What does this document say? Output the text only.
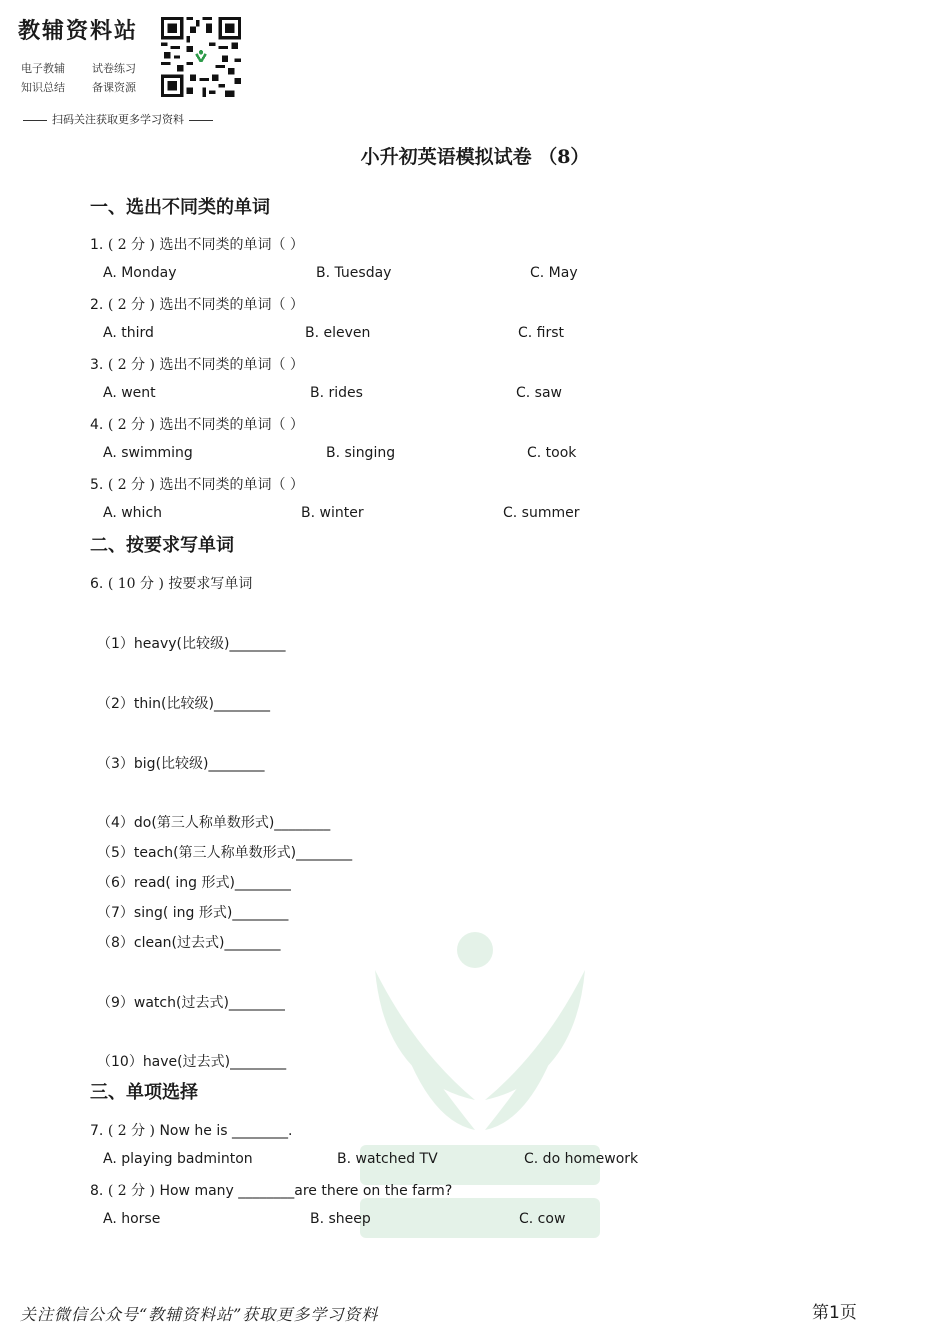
教辅资料站
电子教辅 试卷练习
知识总结 备课资源
扫码关注获取更多学习资料
小升初英语模拟试卷 （8）
一、选出不同类的单词
1. ( 2 分 ) 选出不同类的单词（ ）
A. Monday	B. Tuesday	C. May
2. ( 2 分 ) 选出不同类的单词（ ）
A. third	B. eleven	C. first
3. ( 2 分 ) 选出不同类的单词（ ）
A. went	B. rides	C. saw
4. ( 2 分 ) 选出不同类的单词（ ）
A. swimming	B. singing	C. took
5. ( 2 分 ) 选出不同类的单词（ ）
A. which	B. winter	C. summer
二、按要求写单词
6. ( 10 分 ) 按要求写单词
（1）heavy(比较级)________
（2）thin(比较级)________
（3）big(比较级)________
（4）do(第三人称单数形式)________
（5）teach(第三人称单数形式)________
（6）read( ing 形式)________
（7）sing( ing 形式)________
（8）clean(过去式)________
（9）watch(过去式)________
（10）have(过去式)________
三、单项选择
7. ( 2 分 ) Now he is ________.
A. playing badminton	B. watched TV	C. do homework
8. ( 2 分 ) How many ________are there on the farm?
A. horse	B. sheep	C. cow
关注微信公众号“教辅资料站”获取更多学习资料	第1页
